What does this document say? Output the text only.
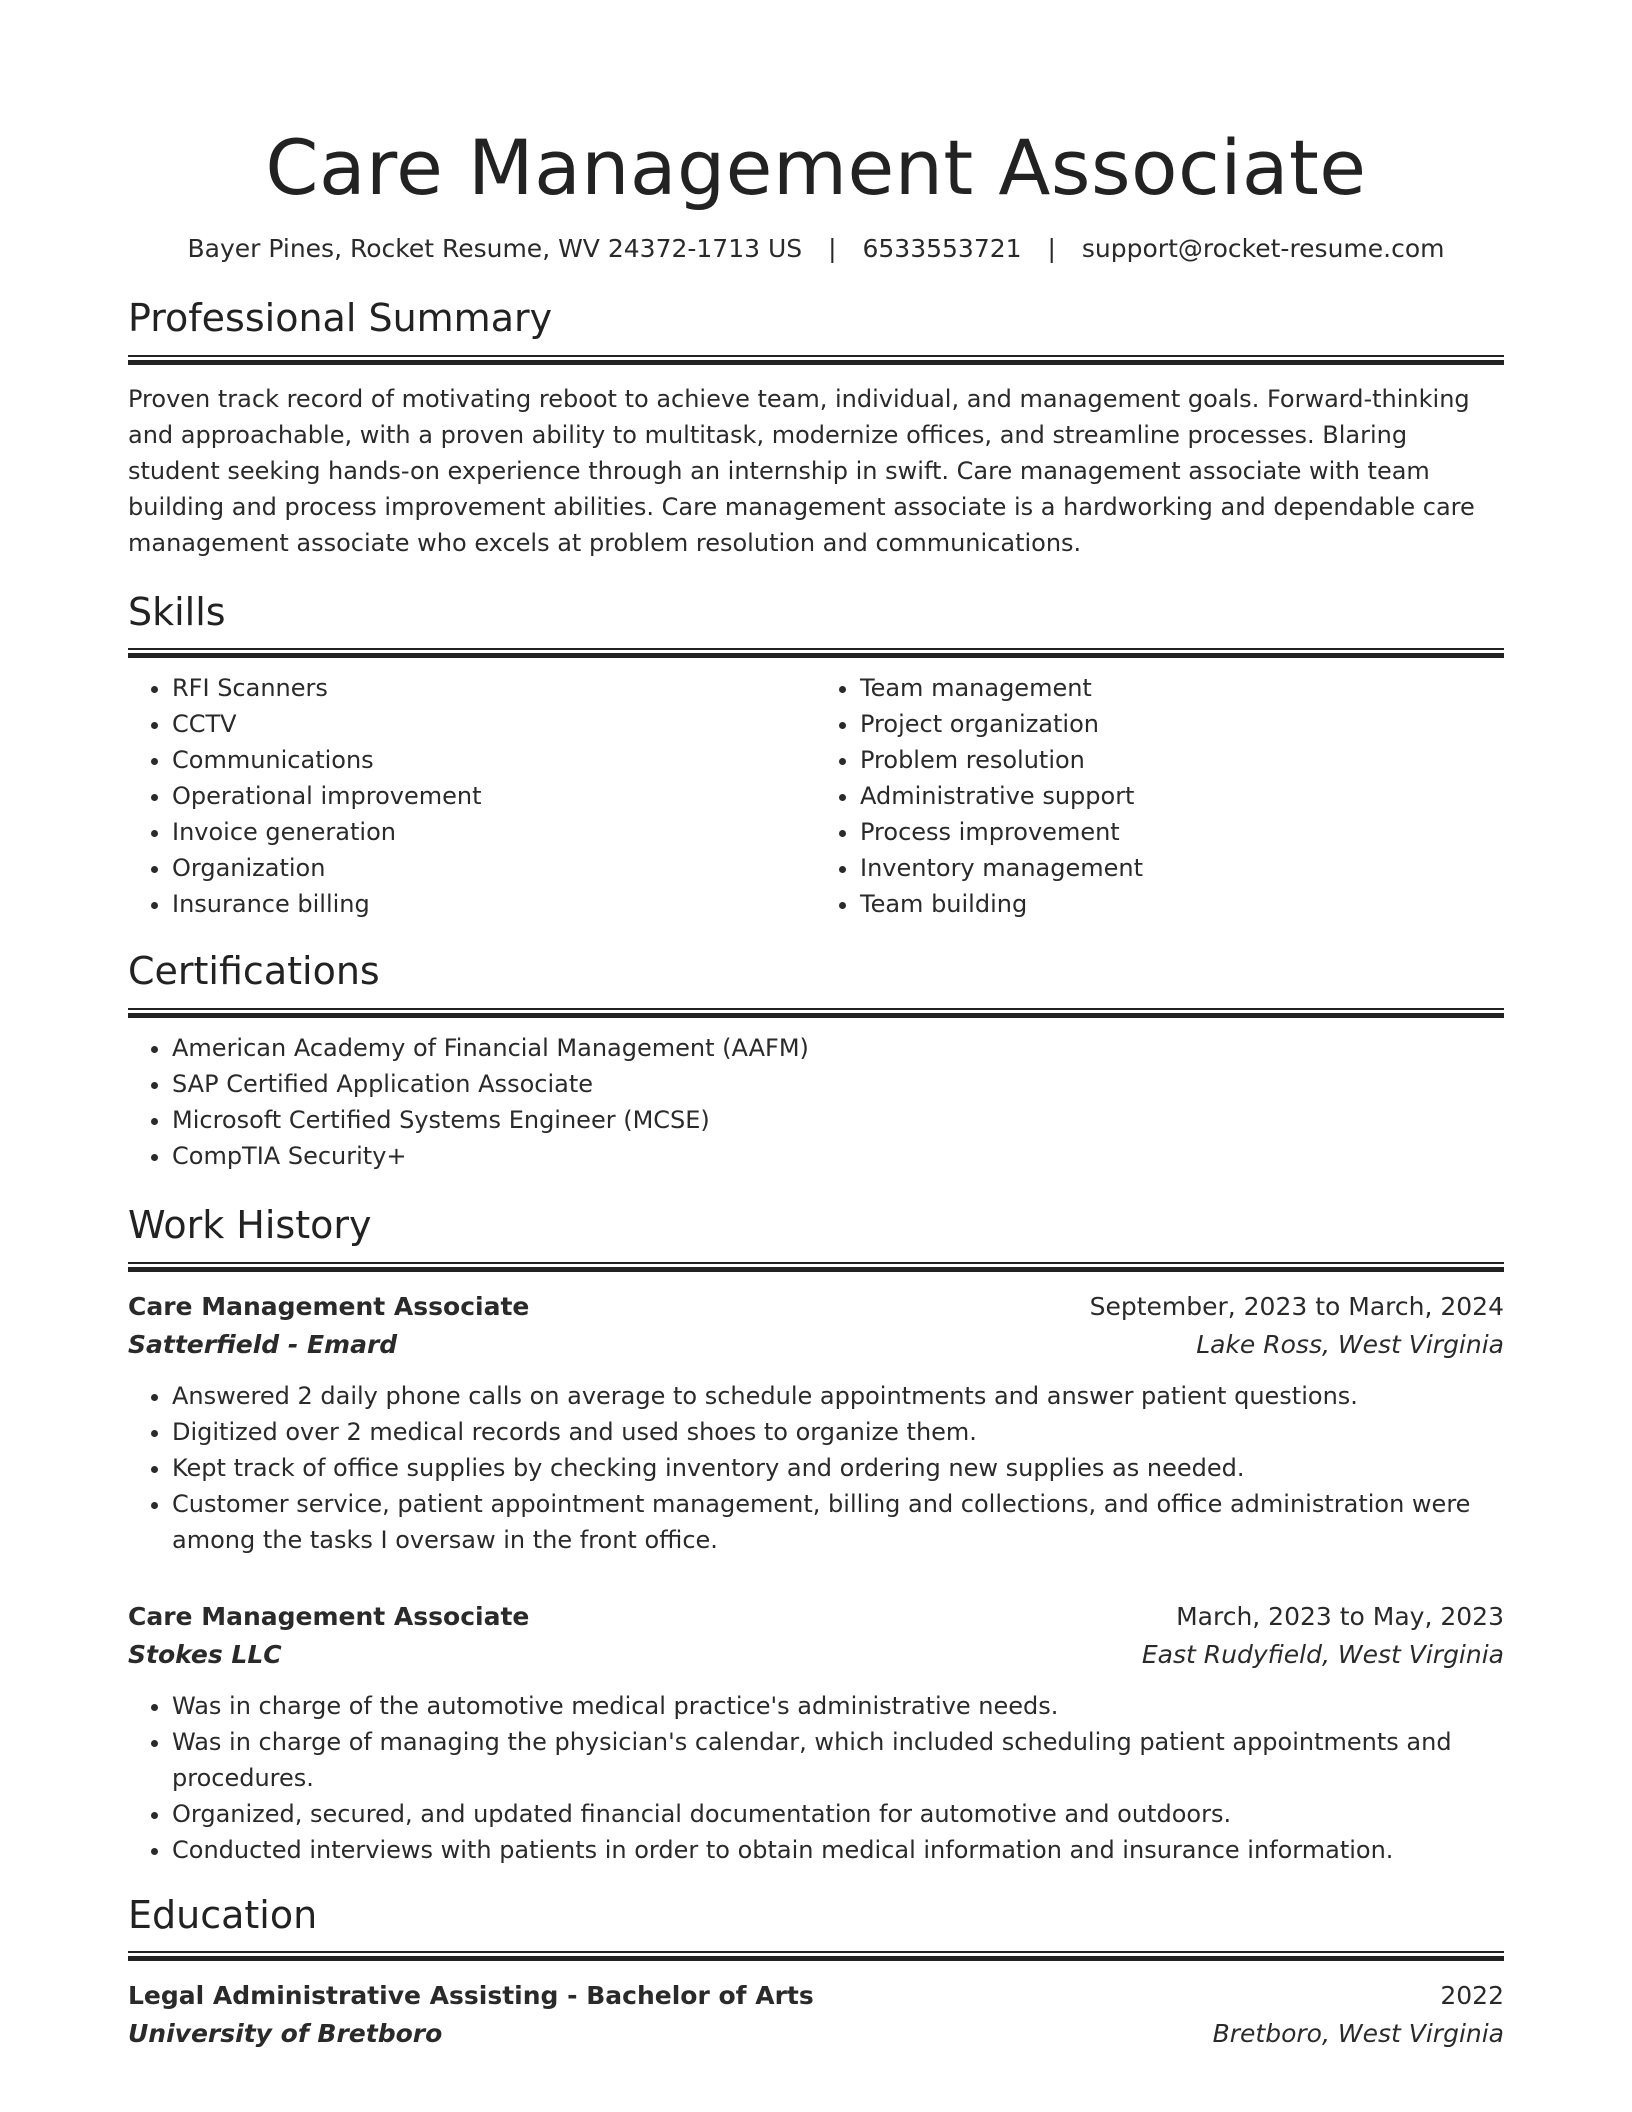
Care Management Associate
Bayer Pines, Rocket Resume, WV 24372-1713 US | 6533553721 | support@rocket-resume.com
Professional Summary
Proven track record of motivating reboot to achieve team, individual, and management goals. Forward-thinking and approachable, with a proven ability to multitask, modernize offices, and streamline processes. Blaring student seeking hands-on experience through an internship in swift. Care management associate with team building and process improvement abilities. Care management associate is a hardworking and dependable care management associate who excels at problem resolution and communications.
Skills
• RFI Scanners
• CCTV
• Communications
• Operational improvement
• Invoice generation
• Organization
• Insurance billing
• Team management
• Project organization
• Problem resolution
• Administrative support
• Process improvement
• Inventory management
• Team building
Certifications
• American Academy of Financial Management (AAFM)
• SAP Certified Application Associate
• Microsoft Certified Systems Engineer (MCSE)
• CompTIA Security+
Work History
Care Management Associate	September, 2023 to March, 2024
Satterfield - Emard	Lake Ross, West Virginia
• Answered 2 daily phone calls on average to schedule appointments and answer patient questions.
• Digitized over 2 medical records and used shoes to organize them.
• Kept track of office supplies by checking inventory and ordering new supplies as needed.
• Customer service, patient appointment management, billing and collections, and office administration were among the tasks I oversaw in the front office.
Care Management Associate	March, 2023 to May, 2023
Stokes LLC	East Rudyfield, West Virginia
• Was in charge of the automotive medical practice's administrative needs.
• Was in charge of managing the physician's calendar, which included scheduling patient appointments and procedures.
• Organized, secured, and updated financial documentation for automotive and outdoors.
• Conducted interviews with patients in order to obtain medical information and insurance information.
Education
Legal Administrative Assisting - Bachelor of Arts	2022
University of Bretboro	Bretboro, West Virginia
